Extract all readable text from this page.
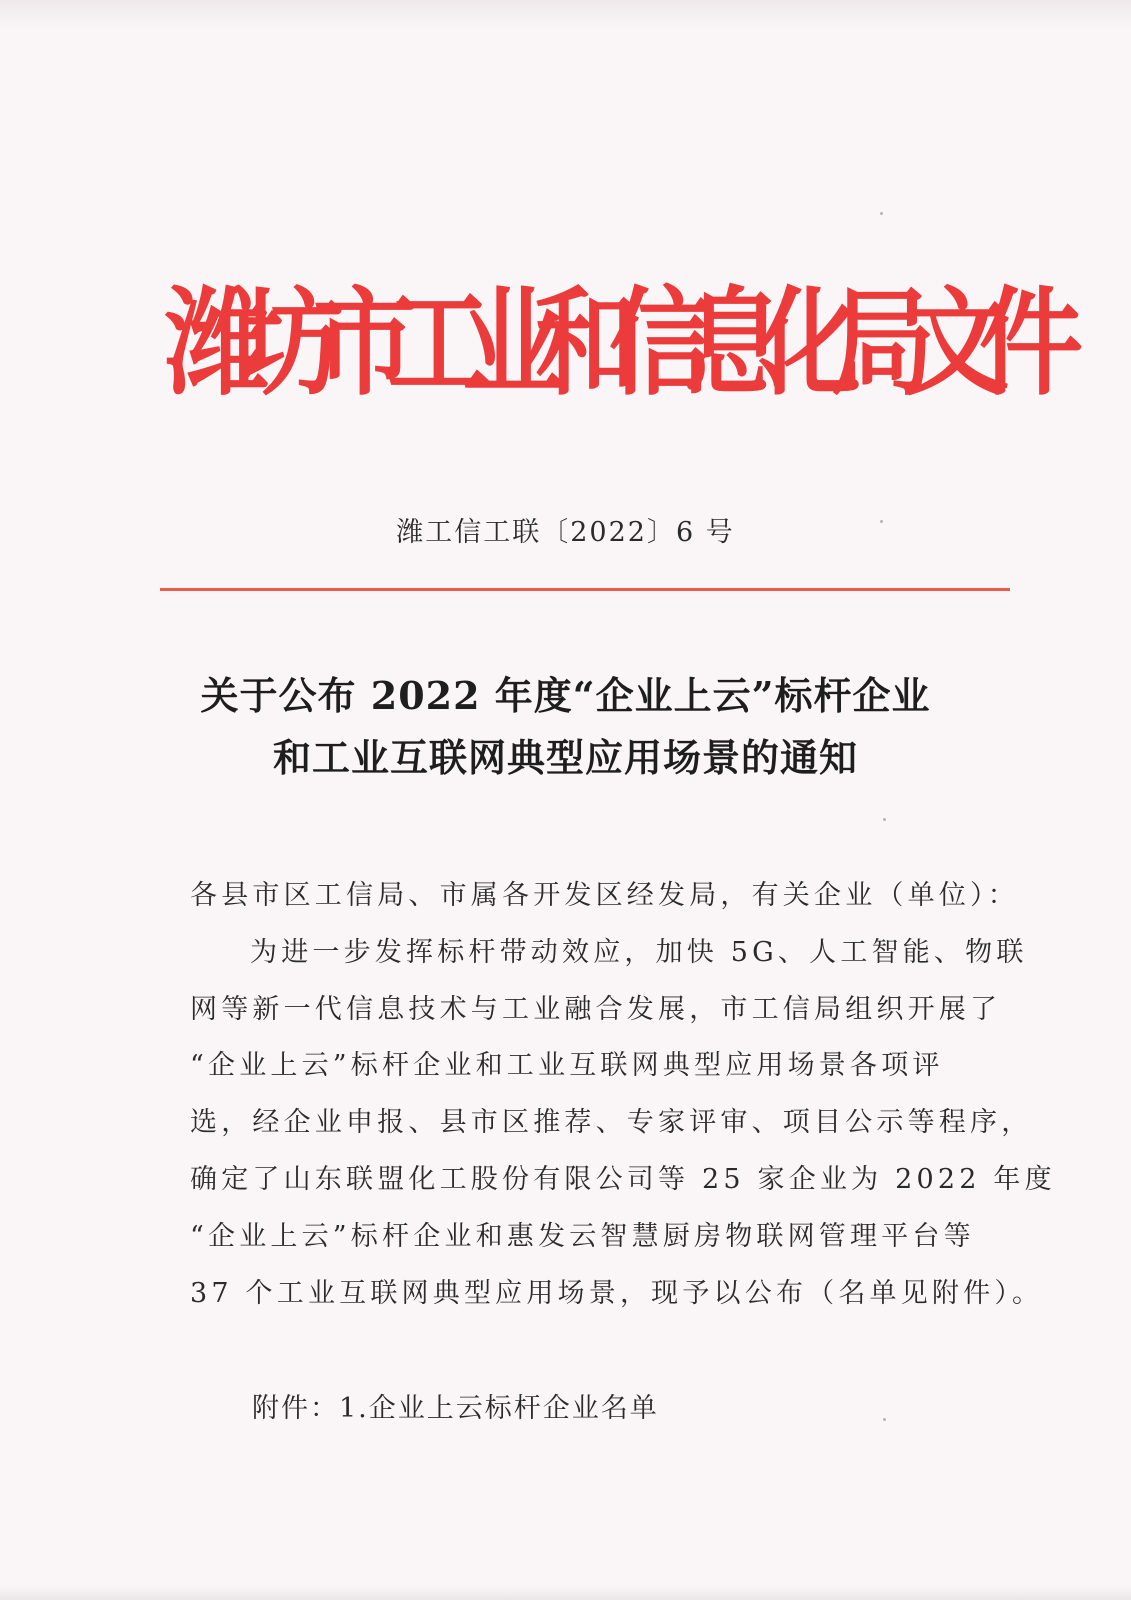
潍
坊
市
工
业
和
信
息
化
局
文
件
潍工信工联〔2022〕6 号
关于公布 2022 年度“企业上云”标杆企业
和工业互联网典型应用场景的通知
各县市区工信局、市属各开发区经发局，有关企业（单位）：
为进一步发挥标杆带动效应，加快 5G、人工智能、物联
网等新一代信息技术与工业融合发展，市工信局组织开展了
“企业上云”标杆企业和工业互联网典型应用场景各项评
选，经企业申报、县市区推荐、专家评审、项目公示等程序，
确定了山东联盟化工股份有限公司等 25 家企业为 2022 年度
“企业上云”标杆企业和惠发云智慧厨房物联网管理平台等
37 个工业互联网典型应用场景，现予以公布（名单见附件）。
附件：1.企业上云标杆企业名单
